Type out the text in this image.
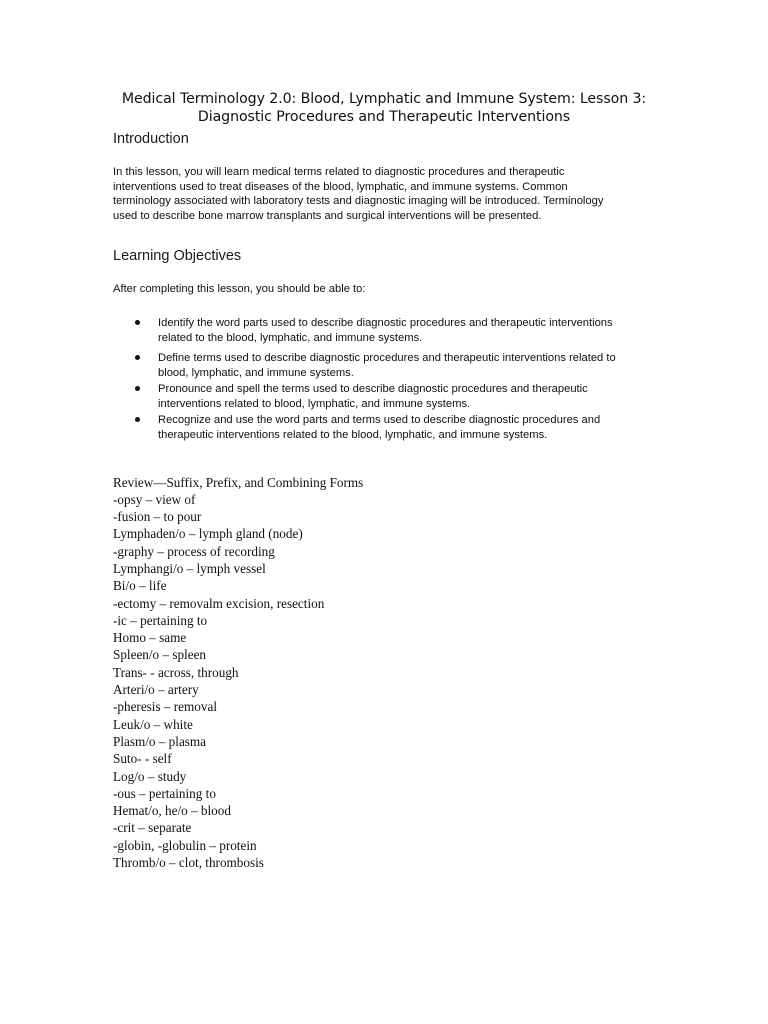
Medical Terminology 2.0: Blood, Lymphatic and Immune System: Lesson 3: Diagnostic Procedures and Therapeutic Interventions
Introduction

In this lesson, you will learn medical terms related to diagnostic procedures and therapeutic interventions used to treat diseases of the blood, lymphatic, and immune systems. Common terminology associated with laboratory tests and diagnostic imaging will be introduced. Terminology used to describe bone marrow transplants and surgical interventions will be presented.

Learning Objectives

After completing this lesson, you should be able to:

Identify the word parts used to describe diagnostic procedures and therapeutic interventions related to the blood, lymphatic, and immune systems.
Define terms used to describe diagnostic procedures and therapeutic interventions related to blood, lymphatic, and immune systems.
Pronounce and spell the terms used to describe diagnostic procedures and therapeutic interventions related to blood, lymphatic, and immune systems.
Recognize and use the word parts and terms used to describe diagnostic procedures and therapeutic interventions related to the blood, lymphatic, and immune systems.

Review—Suffix, Prefix, and Combining Forms

-opsy – view of

-fusion – to pour

Lymphaden/o – lymph gland (node)

-graphy – process of recording

Lymphangi/o – lymph vessel

Bi/o – life

-ectomy – removalm excision, resection

-ic – pertaining to

Homo – same

Spleen/o – spleen

Trans- - across, through

Arteri/o – artery

-pheresis – removal

Leuk/o – white

Plasm/o – plasma

Suto- - self

Log/o – study

-ous – pertaining to

Hemat/o, he/o – blood

-crit – separate

-globin, -globulin – protein

Thromb/o – clot, thrombosis
